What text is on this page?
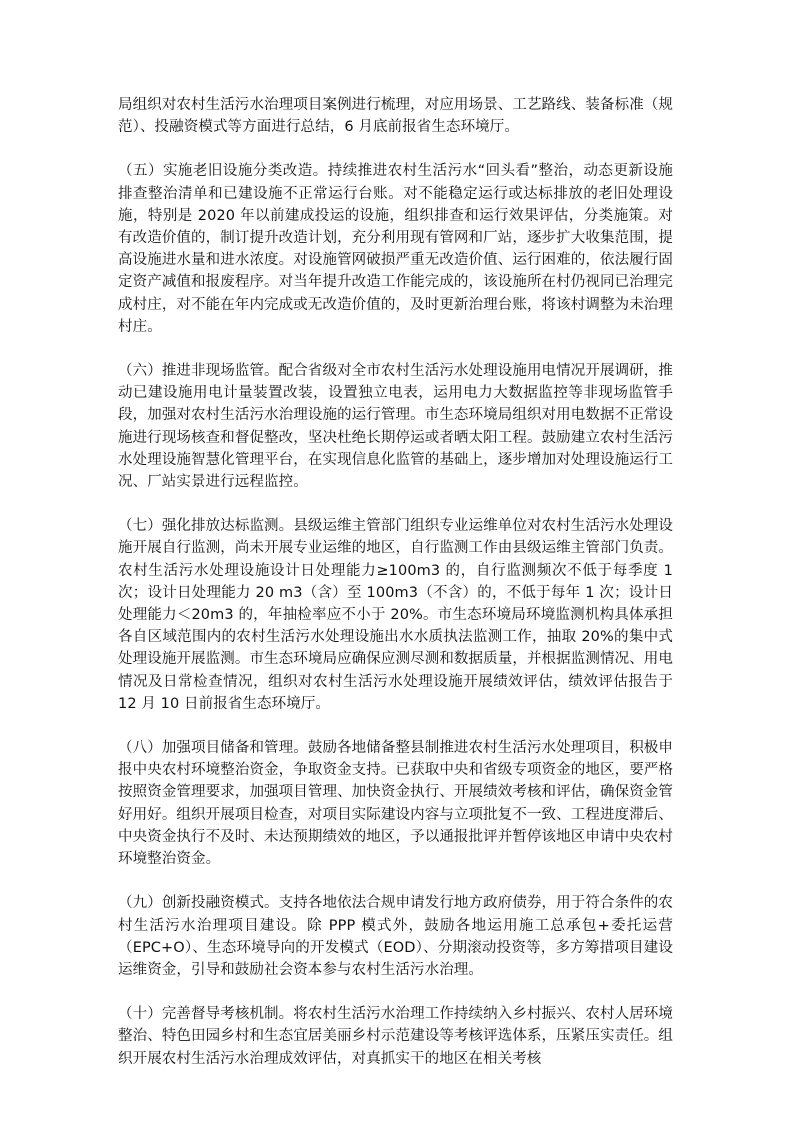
局组织对农村生活污水治理项目案例进行梳理，对应用场景、工艺路线、装备标准（规范）、投融资模式等方面进行总结，6 月底前报省生态环境厅。

（五）实施老旧设施分类改造。持续推进农村生活污水“回头看”整治，动态更新设施排查整治清单和已建设施不正常运行台账。对不能稳定运行或达标排放的老旧处理设施，特别是 2020 年以前建成投运的设施，组织排查和运行效果评估，分类施策。对有改造价值的，制订提升改造计划，充分利用现有管网和厂站，逐步扩大收集范围，提高设施进水量和进水浓度。对设施管网破损严重无改造价值、运行困难的，依法履行固定资产减值和报废程序。对当年提升改造工作能完成的，该设施所在村仍视同已治理完成村庄，对不能在年内完成或无改造价值的，及时更新治理台账，将该村调整为未治理村庄。

（六）推进非现场监管。配合省级对全市农村生活污水处理设施用电情况开展调研，推动已建设施用电计量装置改装，设置独立电表，运用电力大数据监控等非现场监管手段，加强对农村生活污水治理设施的运行管理。市生态环境局组织对用电数据不正常设施进行现场核查和督促整改，坚决杜绝长期停运或者晒太阳工程。鼓励建立农村生活污水处理设施智慧化管理平台，在实现信息化监管的基础上，逐步增加对处理设施运行工况、厂站实景进行远程监控。

（七）强化排放达标监测。县级运维主管部门组织专业运维单位对农村生活污水处理设施开展自行监测，尚未开展专业运维的地区，自行监测工作由县级运维主管部门负责。农村生活污水处理设施设计日处理能力≥100m3 的，自行监测频次不低于每季度 1 次；设计日处理能力 20 m3（含）至 100m3（不含）的，不低于每年 1 次；设计日处理能力＜20m3 的，年抽检率应不小于 20%。市生态环境局环境监测机构具体承担各自区域范围内的农村生活污水处理设施出水水质执法监测工作，抽取 20%的集中式处理设施开展监测。市生态环境局应确保应测尽测和数据质量，并根据监测情况、用电情况及日常检查情况，组织对农村生活污水处理设施开展绩效评估，绩效评估报告于 12 月 10 日前报省生态环境厅。

（八）加强项目储备和管理。鼓励各地储备整县制推进农村生活污水处理项目，积极申报中央农村环境整治资金，争取资金支持。已获取中央和省级专项资金的地区，要严格按照资金管理要求，加强项目管理、加快资金执行、开展绩效考核和评估，确保资金管好用好。组织开展项目检查，对项目实际建设内容与立项批复不一致、工程进度滞后、中央资金执行不及时、未达预期绩效的地区，予以通报批评并暂停该地区申请中央农村环境整治资金。

（九）创新投融资模式。支持各地依法合规申请发行地方政府债券，用于符合条件的农村生活污水治理项目建设。除 PPP 模式外，鼓励各地运用施工总承包+委托运营（EPC+O）、生态环境导向的开发模式（EOD）、分期滚动投资等，多方筹措项目建设运维资金，引导和鼓励社会资本参与农村生活污水治理。

（十）完善督导考核机制。将农村生活污水治理工作持续纳入乡村振兴、农村人居环境整治、特色田园乡村和生态宜居美丽乡村示范建设等考核评选体系，压紧压实责任。组织开展农村生活污水治理成效评估，对真抓实干的地区在相关考核
